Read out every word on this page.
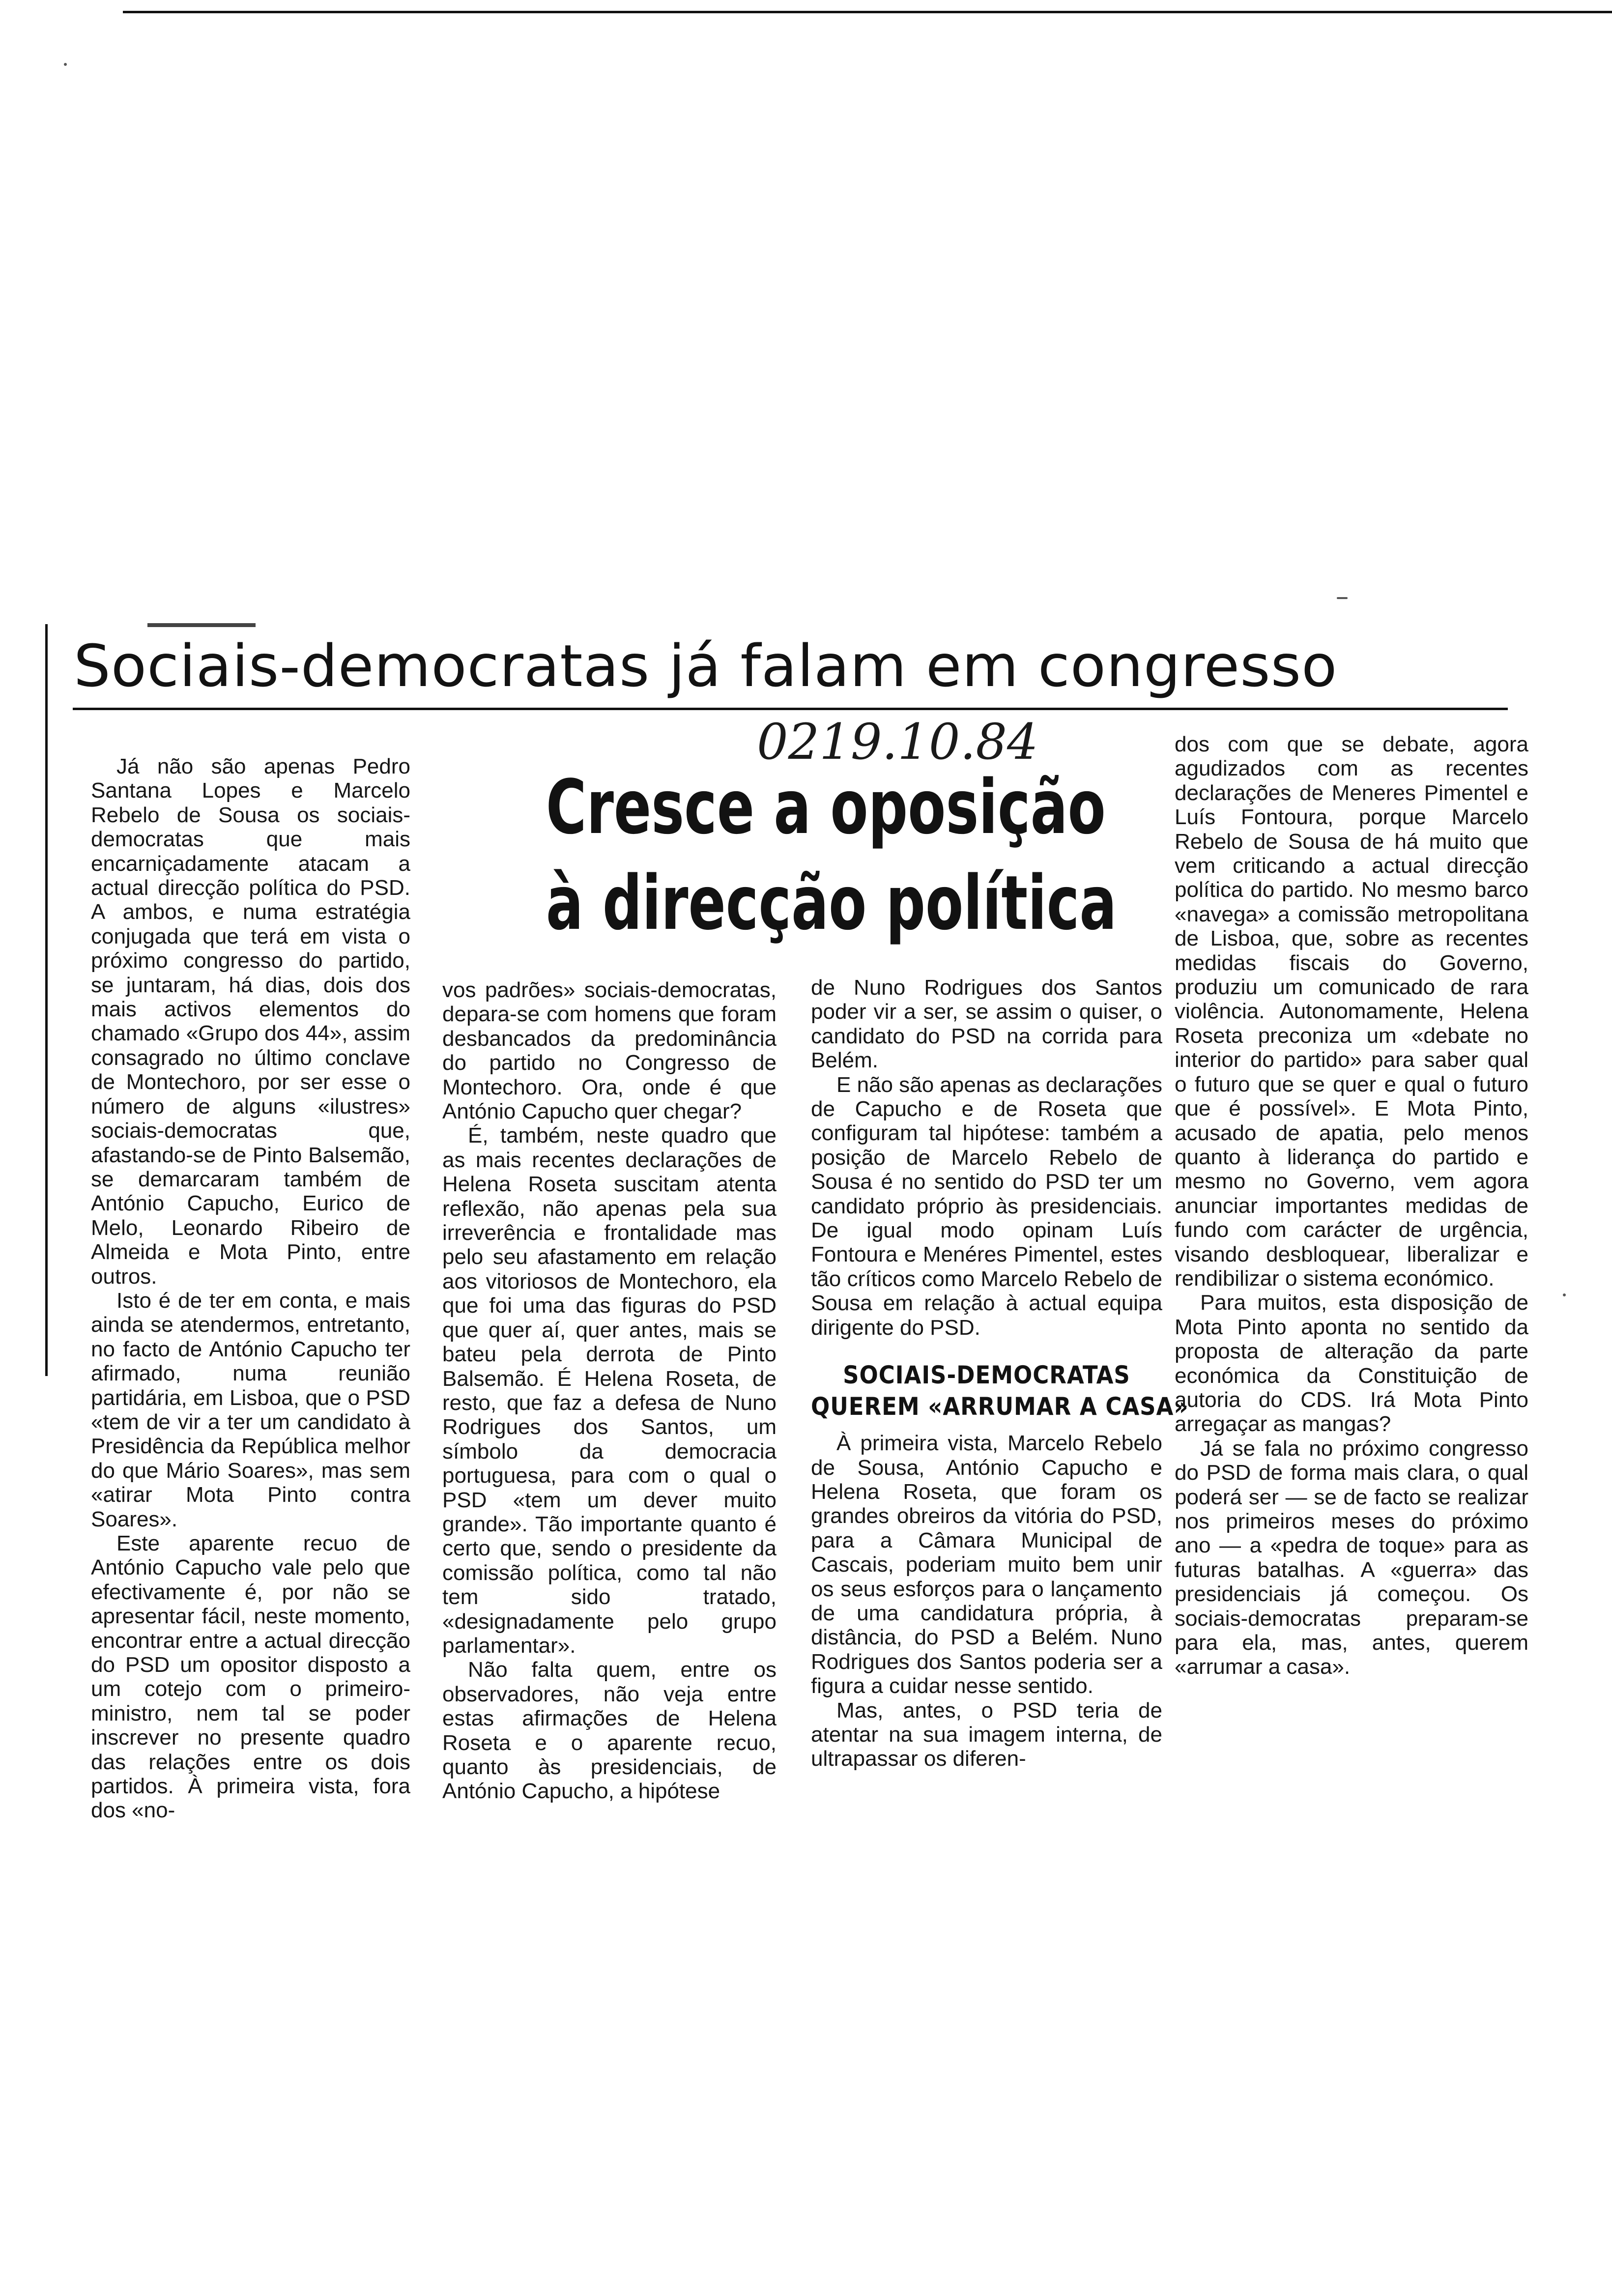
Sociais-democratas já falam em congresso
0219.10.84
Cresce a oposição
à direcção política

Já não são apenas Pedro Santana Lopes e Marcelo Rebelo de Sousa os sociais-democratas que mais encarniçadamente atacam a actual direcção política do PSD. A ambos, e numa estratégia conjugada que terá em vista o próximo congresso do partido, se juntaram, há dias, dois dos mais activos elementos do chamado «Grupo dos 44», assim consagrado no último conclave de Montechoro, por ser esse o número de alguns «ilustres» sociais-democratas que, afastando-se de Pinto Balsemão, se demarcaram também de António Capucho, Eurico de Melo, Leonardo Ribeiro de Almeida e Mota Pinto, entre outros.

Isto é de ter em conta, e mais ainda se atendermos, entretanto, no facto de António Capucho ter afirmado, numa reunião partidária, em Lisboa, que o PSD «tem de vir a ter um candidato à Presidência da República melhor do que Mário Soares», mas sem «atirar Mota Pinto contra Soares».

Este aparente recuo de António Capucho vale pelo que efectivamente é, por não se apresentar fácil, neste momento, encontrar entre a actual direcção do PSD um opositor disposto a um cotejo com o primeiro-ministro, nem tal se poder inscrever no presente quadro das relações entre os dois partidos. À primeira vista, fora dos «no-

vos padrões» sociais-democratas, depara-se com homens que foram desbancados da predominância do partido no Congresso de Montechoro. Ora, onde é que António Capucho quer chegar?

É, também, neste quadro que as mais recentes declarações de Helena Roseta suscitam atenta reflexão, não apenas pela sua irreverência e frontalidade mas pelo seu afastamento em relação aos vitoriosos de Montechoro, ela que foi uma das figuras do PSD que quer aí, quer antes, mais se bateu pela derrota de Pinto Balsemão. É Helena Roseta, de resto, que faz a defesa de Nuno Rodrigues dos Santos, um símbolo da democracia portuguesa, para com o qual o PSD «tem um dever muito grande». Tão importante quanto é certo que, sendo o presidente da comissão política, como tal não tem sido tratado, «designadamente pelo grupo parlamentar».

Não falta quem, entre os observadores, não veja entre estas afirmações de Helena Roseta e o aparente recuo, quanto às presidenciais, de António Capucho, a hipótese

de Nuno Rodrigues dos Santos poder vir a ser, se assim o quiser, o candidato do PSD na corrida para Belém.

E não são apenas as declarações de Capucho e de Roseta que configuram tal hipótese: também a posição de Marcelo Rebelo de Sousa é no sentido do PSD ter um candidato próprio às presidenciais. De igual modo opinam Luís Fontoura e Menéres Pimentel, estes tão críticos como Marcelo Rebelo de Sousa em relação à actual equipa dirigente do PSD.

SOCIAIS-DEMOCRATAS
QUEREM «ARRUMAR A CASA»

À primeira vista, Marcelo Rebelo de Sousa, António Capucho e Helena Roseta, que foram os grandes obreiros da vitória do PSD, para a Câmara Municipal de Cascais, poderiam muito bem unir os seus esforços para o lançamento de uma candidatura própria, à distância, do PSD a Belém. Nuno Rodrigues dos Santos poderia ser a figura a cuidar nesse sentido.

Mas, antes, o PSD teria de atentar na sua imagem interna, de ultrapassar os diferen-

dos com que se debate, agora agudizados com as recentes declarações de Meneres Pimentel e Luís Fontoura, porque Marcelo Rebelo de Sousa de há muito que vem criticando a actual direcção política do partido. No mesmo barco «navega» a comissão metropolitana de Lisboa, que, sobre as recentes medidas fiscais do Governo, produziu um comunicado de rara violência. Autonomamente, Helena Roseta preconiza um «debate no interior do partido» para saber qual o futuro que se quer e qual o futuro que é possível». E Mota Pinto, acusado de apatia, pelo menos quanto à liderança do partido e mesmo no Governo, vem agora anunciar importantes medidas de fundo com carácter de urgência, visando desbloquear, liberalizar e rendibilizar o sistema económico.

Para muitos, esta disposição de Mota Pinto aponta no sentido da proposta de alteração da parte económica da Constituição de autoria do CDS. Irá Mota Pinto arregaçar as mangas?

Já se fala no próximo congresso do PSD de forma mais clara, o qual poderá ser — se de facto se realizar nos primeiros meses do próximo ano — a «pedra de toque» para as futuras batalhas. A «guerra» das presidenciais já começou. Os sociais-democratas preparam-se para ela, mas, antes, querem «arrumar a casa».
